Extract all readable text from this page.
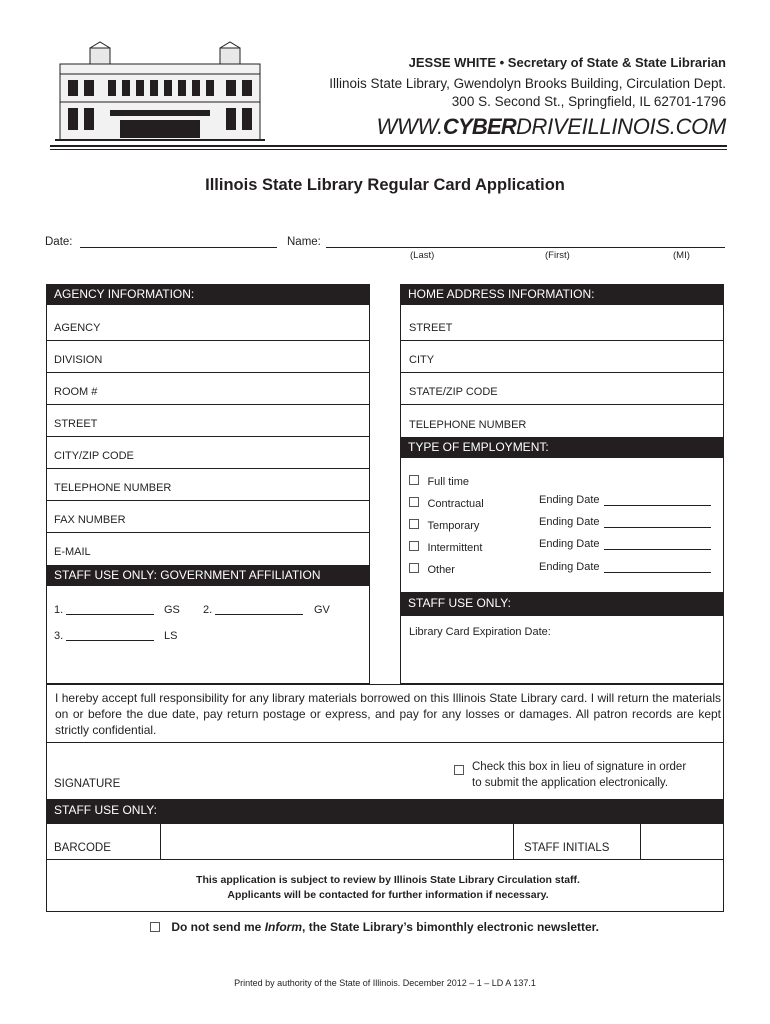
JESSE WHITE • Secretary of State & State Librarian
Illinois State Library, Gwendolyn Brooks Building, Circulation Dept.
300 S. Second St., Springfield, IL 62701-1796
WWW.CYBERDRIVEILLINOIS.COM
Illinois State Library Regular Card Application
Date:	Name:
(Last)	(First)	(MI)
AGENCY INFORMATION:
AGENCY
DIVISION
ROOM #
STREET
CITY/ZIP CODE
TELEPHONE NUMBER
FAX NUMBER
E-MAIL
STAFF USE ONLY: GOVERNMENT AFFILIATION
1.	GS 2.	GV
3.	LS
HOME ADDRESS INFORMATION:
STREET
CITY
STATE/ZIP CODE
TELEPHONE NUMBER
TYPE OF EMPLOYMENT:
Full time
Contractual	Ending Date
Temporary	Ending Date
Intermittent	Ending Date
Other	Ending Date
STAFF USE ONLY:
Library Card Expiration Date:
I hereby accept full responsibility for any library materials borrowed on this Illinois State Library card. I will return the materials on or before the due date, pay return postage or express, and pay for any losses or damages. All patron records are kept strictly confidential.
SIGNATURE
Check this box in lieu of signature in order
to submit the application electronically.
STAFF USE ONLY:
BARCODE	STAFF INITIALS
This application is subject to review by Illinois State Library Circulation staff.
Applicants will be contacted for further information if necessary.
Do not send me Inform, the State Library’s bimonthly electronic newsletter.
Printed by authority of the State of Illinois. December 2012 – 1 – LD A 137.1
